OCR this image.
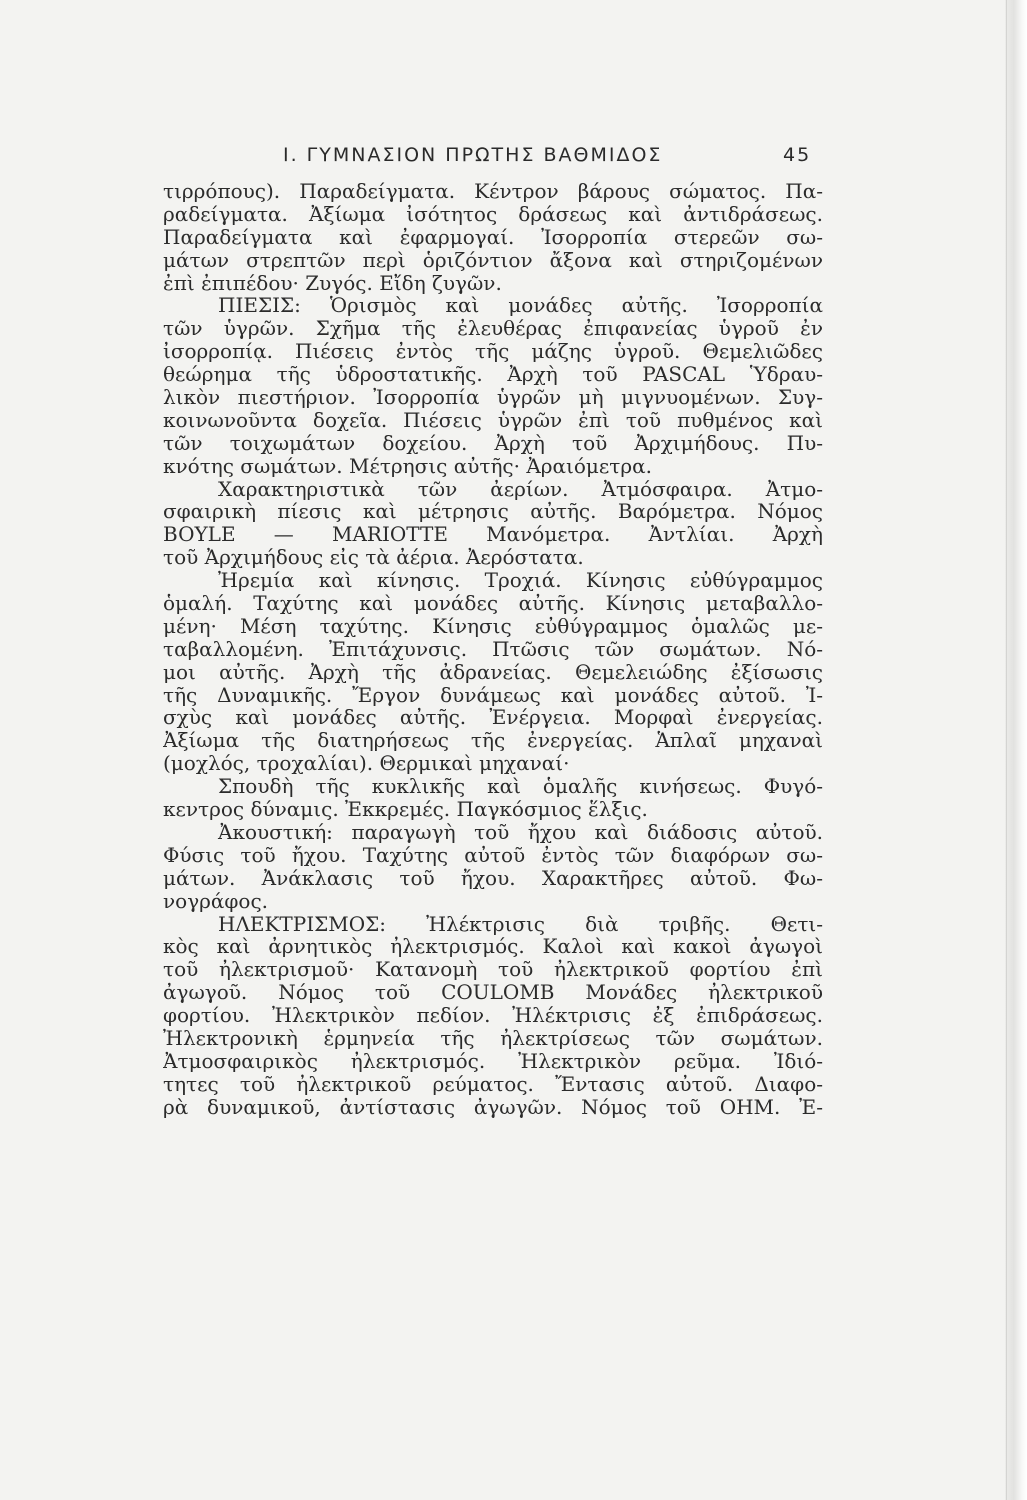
Ι. ΓΥΜΝΑΣΙΟΝ ΠΡΩΤΗΣ ΒΑΘΜΙΔΟΣ	45
τιρρόπους). Παραδείγματα. Κέντρον βάρους σώματος. Πα-
ραδείγματα. Ἀξίωμα ἰσότητος δράσεως καὶ ἀντιδράσεως.
Παραδείγματα καὶ ἐφαρμογαί. Ἰσορροπία στερεῶν σω-
μάτων στρεπτῶν περὶ ὁριζόντιον ἄξονα καὶ στηριζομένων
ἐπὶ ἐπιπέδου· Ζυγός. Εἴδη ζυγῶν.
ΠΙΕΣΙΣ: Ὁρισμὸς καὶ μονάδες αὐτῆς. Ἰσορροπία
τῶν ὑγρῶν. Σχῆμα τῆς ἐλευθέρας ἐπιφανείας ὑγροῦ ἐν
ἰσορροπίᾳ. Πιέσεις ἐντὸς τῆς μάζης ὑγροῦ. Θεμελιῶδες
θεώρημα τῆς ὑδροστατικῆς. Ἀρχὴ τοῦ PASCAL Ὑδραυ-
λικὸν πιεστήριον. Ἰσορροπία ὑγρῶν μὴ μιγνυομένων. Συγ-
κοινωνοῦντα δοχεῖα. Πιέσεις ὑγρῶν ἐπὶ τοῦ πυθμένος καὶ
τῶν τοιχωμάτων δοχείου. Ἀρχὴ τοῦ Ἀρχιμήδους. Πυ-
κνότης σωμάτων. Μέτρησις αὐτῆς· Ἀραιόμετρα.
Χαρακτηριστικὰ τῶν ἀερίων. Ἀτμόσφαιρα. Ἀτμο-
σφαιρικὴ πίεσις καὶ μέτρησις αὐτῆς. Βαρόμετρα. Νόμος
BOYLE — MARIOTTE Μανόμετρα. Ἀντλίαι. Ἀρχὴ
τοῦ Ἀρχιμήδους εἰς τὰ ἀέρια. Ἀερόστατα.
Ἠρεμία καὶ κίνησις. Τροχιά. Κίνησις εὐθύγραμμος
ὁμαλή. Ταχύτης καὶ μονάδες αὐτῆς. Κίνησις μεταβαλλο-
μένη· Μέση ταχύτης. Κίνησις εὐθύγραμμος ὁμαλῶς με-
ταβαλλομένη. Ἐπιτάχυνσις. Πτῶσις τῶν σωμάτων. Νό-
μοι αὐτῆς. Ἀρχὴ τῆς ἀδρανείας. Θεμελειώδης ἐξίσωσις
τῆς Δυναμικῆς. Ἔργον δυνάμεως καὶ μονάδες αὐτοῦ. Ἰ-
σχὺς καὶ μονάδες αὐτῆς. Ἐνέργεια. Μορφαὶ ἐνεργείας.
Ἀξίωμα τῆς διατηρήσεως τῆς ἐνεργείας. Ἁπλαῖ μηχαναὶ
(μοχλός, τροχαλίαι). Θερμικαὶ μηχαναί·
Σπουδὴ τῆς κυκλικῆς καὶ ὁμαλῆς κινήσεως. Φυγό-
κεντρος δύναμις. Ἐκκρεμές. Παγκόσμιος ἕλξις.
Ἀκουστική: παραγωγὴ τοῦ ἤχου καὶ διάδοσις αὐτοῦ.
Φύσις τοῦ ἤχου. Ταχύτης αὐτοῦ ἐντὸς τῶν διαφόρων σω-
μάτων. Ἀνάκλασις τοῦ ἤχου. Χαρακτῆρες αὐτοῦ. Φω-
νογράφος.
ΗΛΕΚΤΡΙΣΜΟΣ: Ἠλέκτρισις διὰ τριβῆς. Θετι-
κὸς καὶ ἀρνητικὸς ἠλεκτρισμός. Καλοὶ καὶ κακοὶ ἀγωγοὶ
τοῦ ἠλεκτρισμοῦ· Κατανομὴ τοῦ ἠλεκτρικοῦ φορτίου ἐπὶ
ἀγωγοῦ. Νόμος τοῦ COULOMB Μονάδες ἠλεκτρικοῦ
φορτίου. Ἠλεκτρικὸν πεδίον. Ἠλέκτρισις ἐξ ἐπιδράσεως.
Ἠλεκτρονικὴ ἑρμηνεία τῆς ἠλεκτρίσεως τῶν σωμάτων.
Ἀτμοσφαιρικὸς ἠλεκτρισμός. Ἠλεκτρικὸν ρεῦμα. Ἰδιό-
τητες τοῦ ἠλεκτρικοῦ ρεύματος. Ἔντασις αὐτοῦ. Διαφο-
ρὰ δυναμικοῦ, ἀντίστασις ἀγωγῶν. Νόμος τοῦ ΟΗΜ. Ἐ-
